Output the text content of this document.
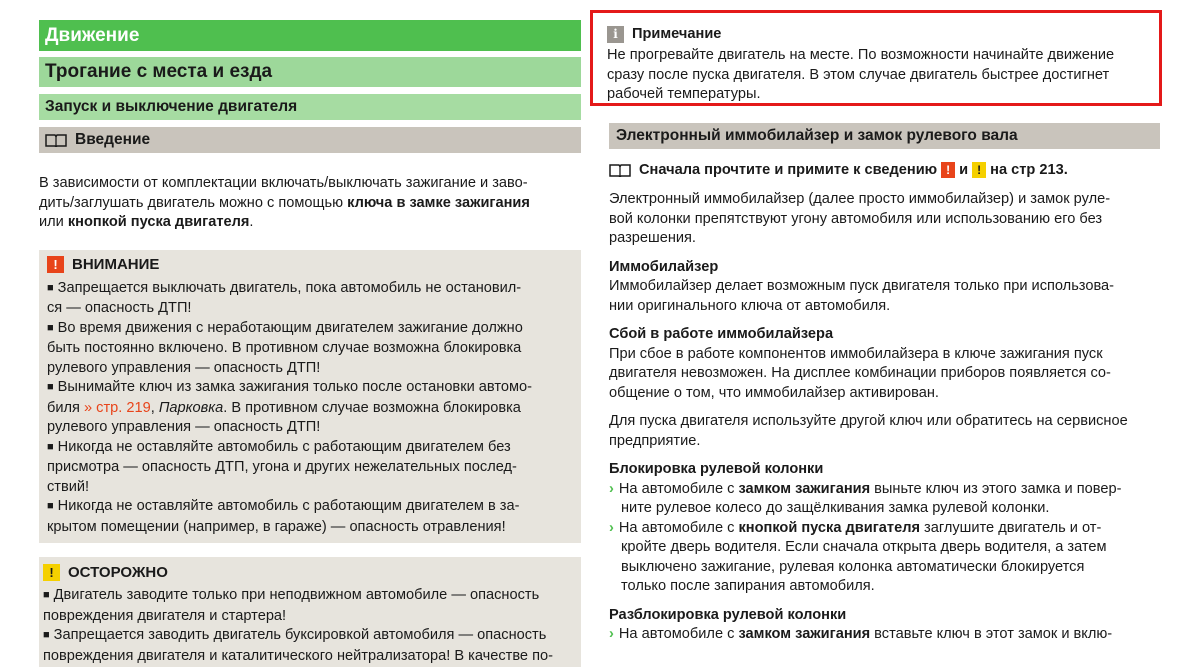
Движение
Трогание с места и езда
Запуск и выключение двигателя
Введение

В зависимости от комплектации включать/выключать зажигание и заво-

дить/заглушать двигатель можно с помощью ключа в замке зажигания

или кнопкой пуска двигателя.

! ВНИМАНИЕ

■ Запрещается выключать двигатель, пока автомобиль не остановил-

ся — опасность ДТП!

■ Во время движения с неработающим двигателем зажигание должно

быть постоянно включено. В противном случае возможна блокировка

рулевого управления — опасность ДТП!

■ Вынимайте ключ из замка зажигания только после остановки автомо-

биля » стр. 219, Парковка. В противном случае возможна блокировка

рулевого управления — опасность ДТП!

■ Никогда не оставляйте автомобиль с работающим двигателем без

присмотра — опасность ДТП, угона и других нежелательных послед-

ствий!

■ Никогда не оставляйте автомобиль с работающим двигателем в за-

крытом помещении (например, в гараже) — опасность отравления!

! ОСТОРОЖНО

■ Двигатель заводите только при неподвижном автомобиле — опасность

повреждения двигателя и стартера!

■ Запрещается заводить двигатель буксировкой автомобиля — опасность

повреждения двигателя и каталитического нейтрализатора! В качестве по-

i Примечание

Не прогревайте двигатель на месте. По возможности начинайте движение

сразу после пуска двигателя. В этом случае двигатель быстрее достигнет

рабочей температуры.

Электронный иммобилайзер и замок рулевого вала
Сначала прочтите и примите к сведению ! и ! на стр 213.

Электронный иммобилайзер (далее просто иммобилайзер) и замок руле-

вой колонки препятствуют угону автомобиля или использованию его без

разрешения.

Иммобилайзер

Иммобилайзер делает возможным пуск двигателя только при использова-

нии оригинального ключа от автомобиля.

Сбой в работе иммобилайзера

При сбое в работе компонентов иммобилайзера в ключе зажигания пуск

двигателя невозможен. На дисплее комбинации приборов появляется со-

общение о том, что иммобилайзер активирован.

Для пуска двигателя используйте другой ключ или обратитесь на сервисное

предприятие.

Блокировка рулевой колонки

› На автомобиле с замком зажигания выньте ключ из этого замка и повер-

ните рулевое колесо до защёлкивания замка рулевой колонки.

› На автомобиле с кнопкой пуска двигателя заглушите двигатель и от-

кройте дверь водителя. Если сначала открыта дверь водителя, а затем

выключено зажигание, рулевая колонка автоматически блокируется

только после запирания автомобиля.

Разблокировка рулевой колонки

› На автомобиле с замком зажигания вставьте ключ в этот замок и вклю-
